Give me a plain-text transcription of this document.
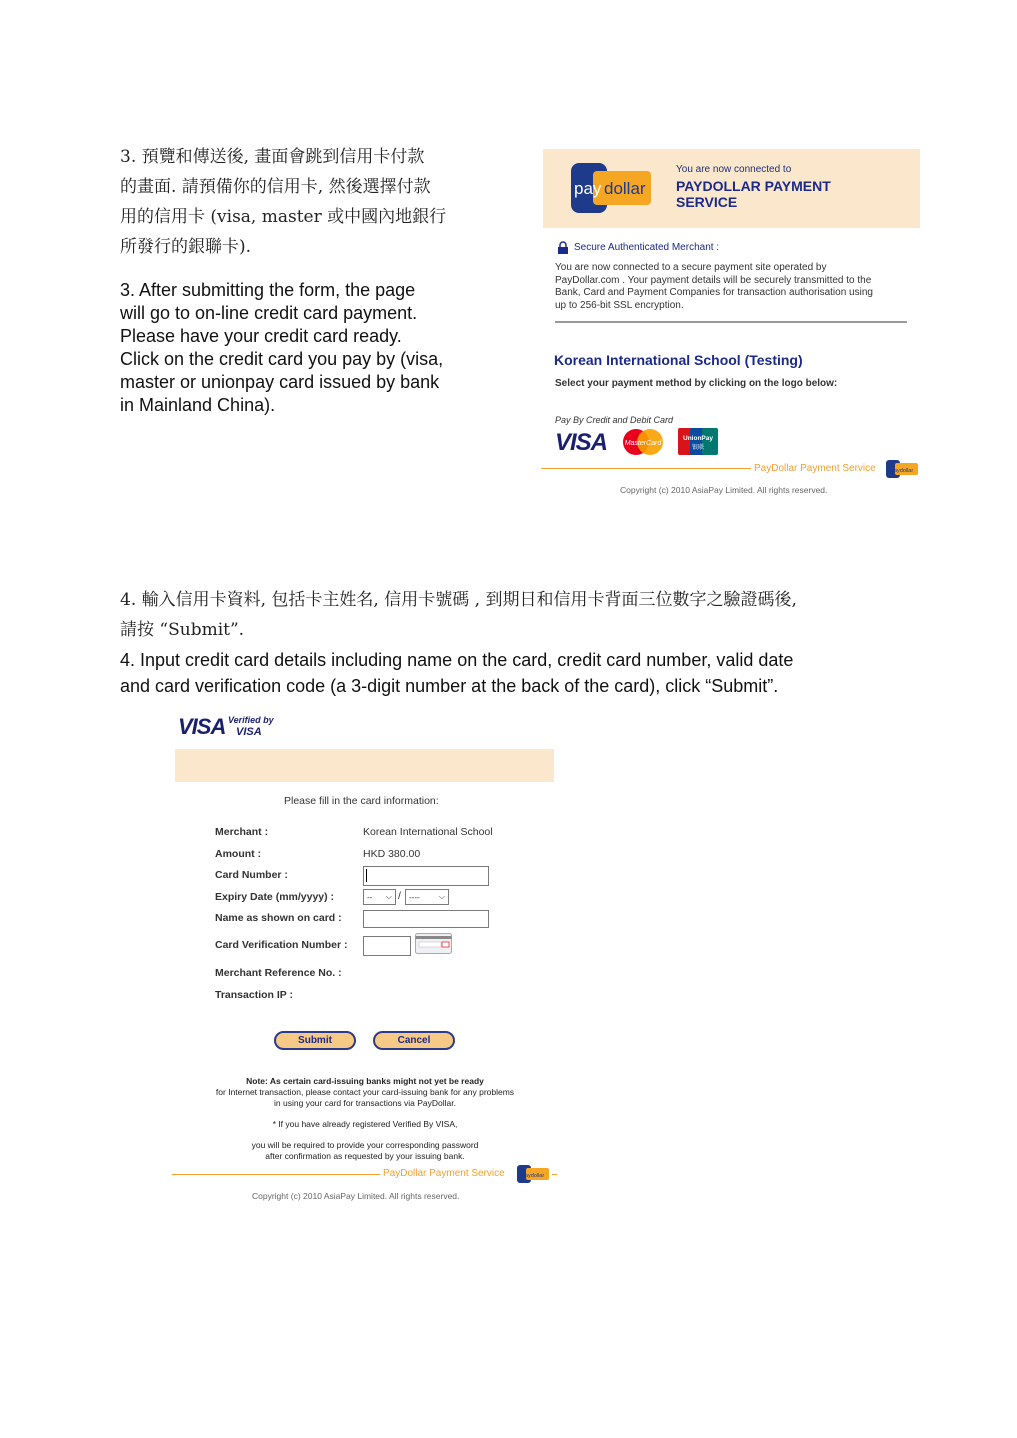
3. 預覽和傳送後, 畫面會跳到信用卡付款
的畫面. 請預備你的信用卡, 然後選擇付款
用的信用卡 (visa, master 或中國內地銀行
所發行的銀聯卡).
3. After submitting the form, the page
will go to on-line credit card payment.
Please have your credit card ready.
Click on the credit card you pay by (visa,
master or unionpay card issued by bank
in Mainland China).
pay dollar
You are now connected to
PAYDOLLAR PAYMENT
SERVICE
Secure Authenticated Merchant :
You are now connected to a secure payment site operated by
PayDollar.com . Your payment details will be securely transmitted to the
Bank, Card and Payment Companies for transaction authorisation using
up to 256-bit SSL encryption.
Korean International School (Testing)
Select your payment method by clicking on the logo below:
Pay By Credit and Debit Card
VISA	MasterCard
UnionPay
银联
PayDollar Payment Service	paydollar
Copyright (c) 2010 AsiaPay Limited. All rights reserved.
4. 輸入信用卡資料, 包括卡主姓名, 信用卡號碼 , 到期日和信用卡背面三位數字之驗證碼後,
請按 “Submit”.
4. Input credit card details including name on the card, credit card number, valid date
and card verification code (a 3-digit number at the back of the card), click “Submit”.
VISA Verified by
VISA
Please fill in the card information:
Merchant :	Korean International School
Amount :	HKD 380.00
Card Number :
Expiry Date (mm/yyyy) :	-- ⌵ / ---- ⌵
Name as shown on card :
Card Verification Number :
Merchant Reference No. :
Transaction IP :
Submit	Cancel
Note: As certain card-issuing banks might not yet be ready
for Internet transaction, please contact your card-issuing bank for any problems
in using your card for transactions via PayDollar.
* If you have already registered Verified By VISA,
you will be required to provide your corresponding password
after confirmation as requested by your issuing bank.
PayDollar Payment Service	paydollar
Copyright (c) 2010 AsiaPay Limited. All rights reserved.
